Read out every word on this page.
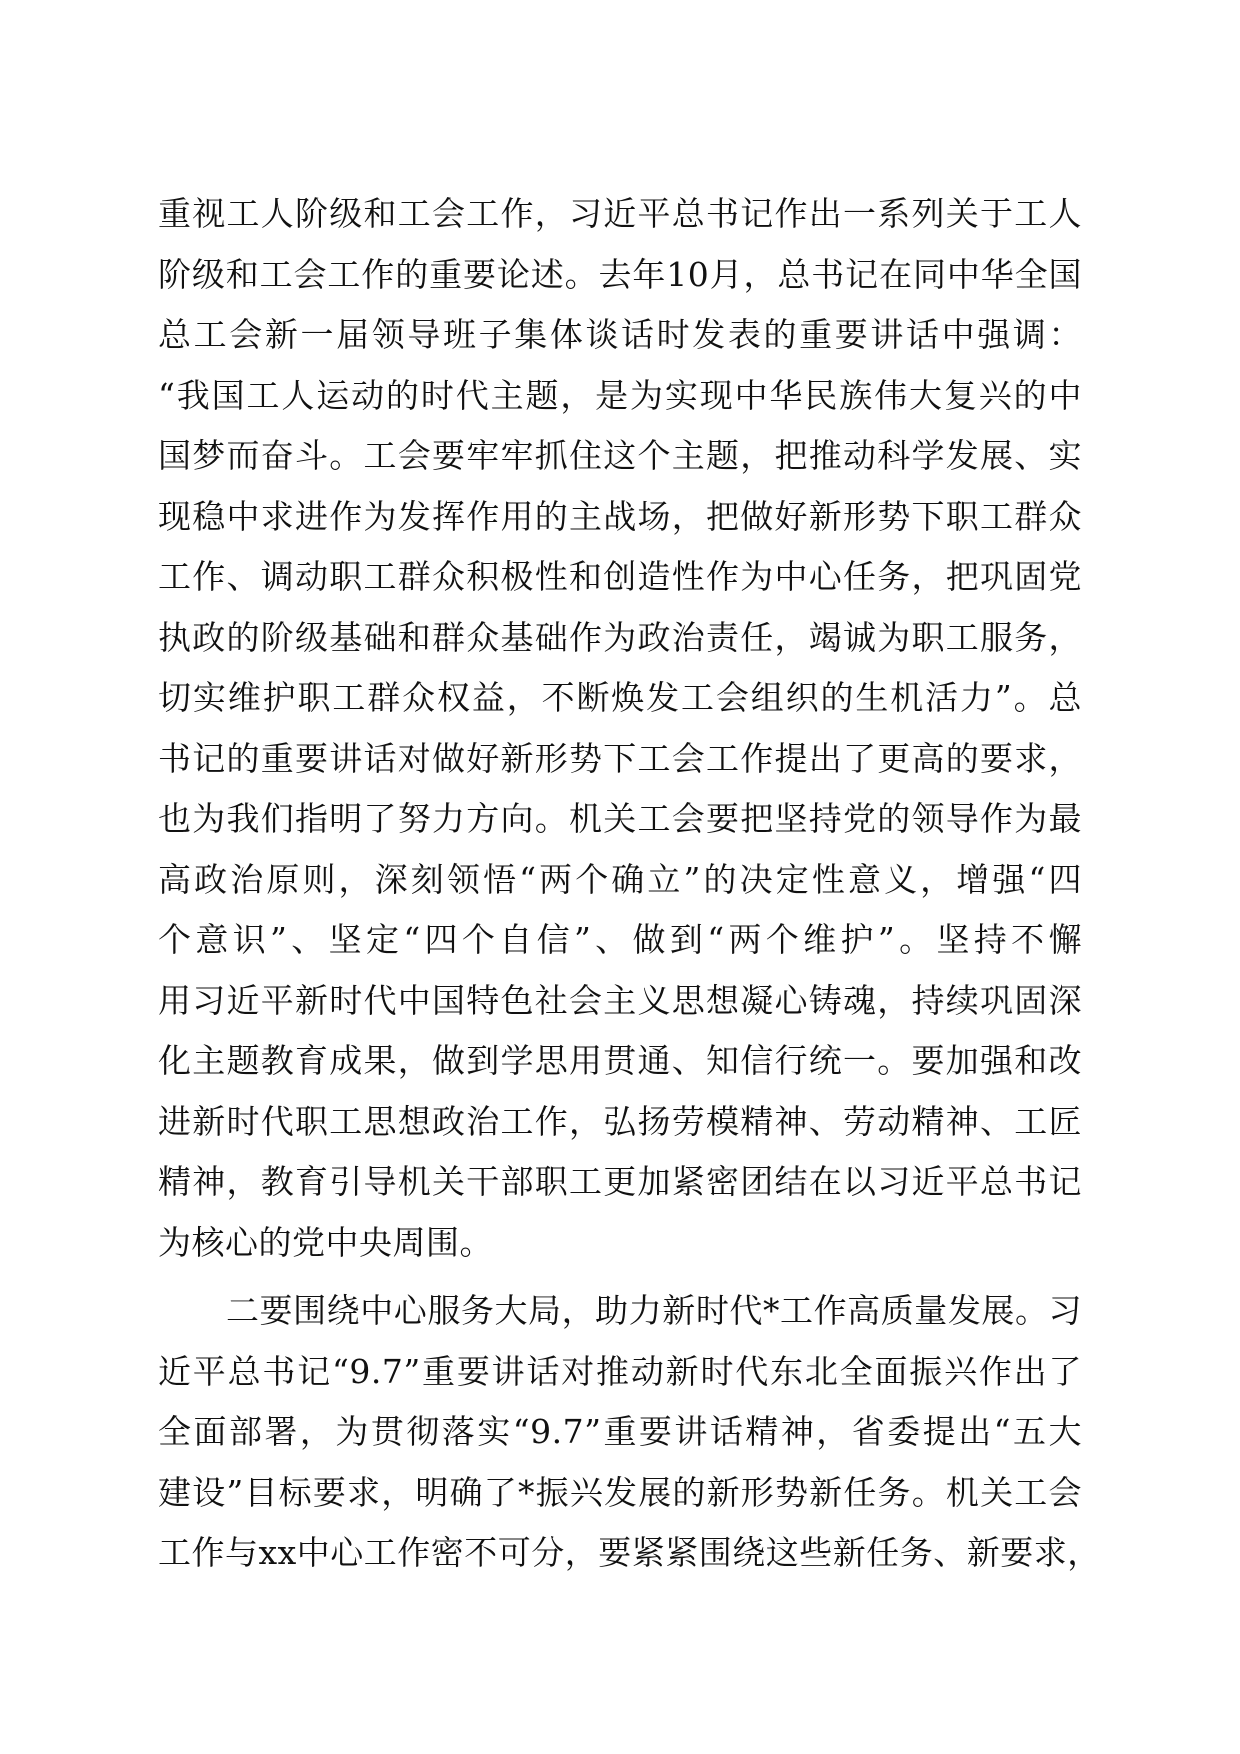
重视工人阶级和工会工作，习近平总书记作出一系列关于工人
阶级和工会工作的重要论述。去年10月，总书记在同中华全国
总工会新一届领导班子集体谈话时发表的重要讲话中强调：
“我国工人运动的时代主题，是为实现中华民族伟大复兴的中
国梦而奋斗。工会要牢牢抓住这个主题，把推动科学发展、实
现稳中求进作为发挥作用的主战场，把做好新形势下职工群众
工作、调动职工群众积极性和创造性作为中心任务，把巩固党
执政的阶级基础和群众基础作为政治责任，竭诚为职工服务，
切实维护职工群众权益，不断焕发工会组织的生机活力”。总
书记的重要讲话对做好新形势下工会工作提出了更高的要求，
也为我们指明了努力方向。机关工会要把坚持党的领导作为最
高政治原则，深刻领悟“两个确立”的决定性意义，增强“四
个意识”、坚定“四个自信”、做到“两个维护”。坚持不懈
用习近平新时代中国特色社会主义思想凝心铸魂，持续巩固深
化主题教育成果，做到学思用贯通、知信行统一。要加强和改
进新时代职工思想政治工作，弘扬劳模精神、劳动精神、工匠
精神，教育引导机关干部职工更加紧密团结在以习近平总书记
为核心的党中央周围。
二要围绕中心服务大局，助力新时代*工作高质量发展。习
近平总书记“9.7”重要讲话对推动新时代东北全面振兴作出了
全面部署，为贯彻落实“9.7”重要讲话精神，省委提出“五大
建设”目标要求，明确了*振兴发展的新形势新任务。机关工会
工作与xx中心工作密不可分，要紧紧围绕这些新任务、新要求，
